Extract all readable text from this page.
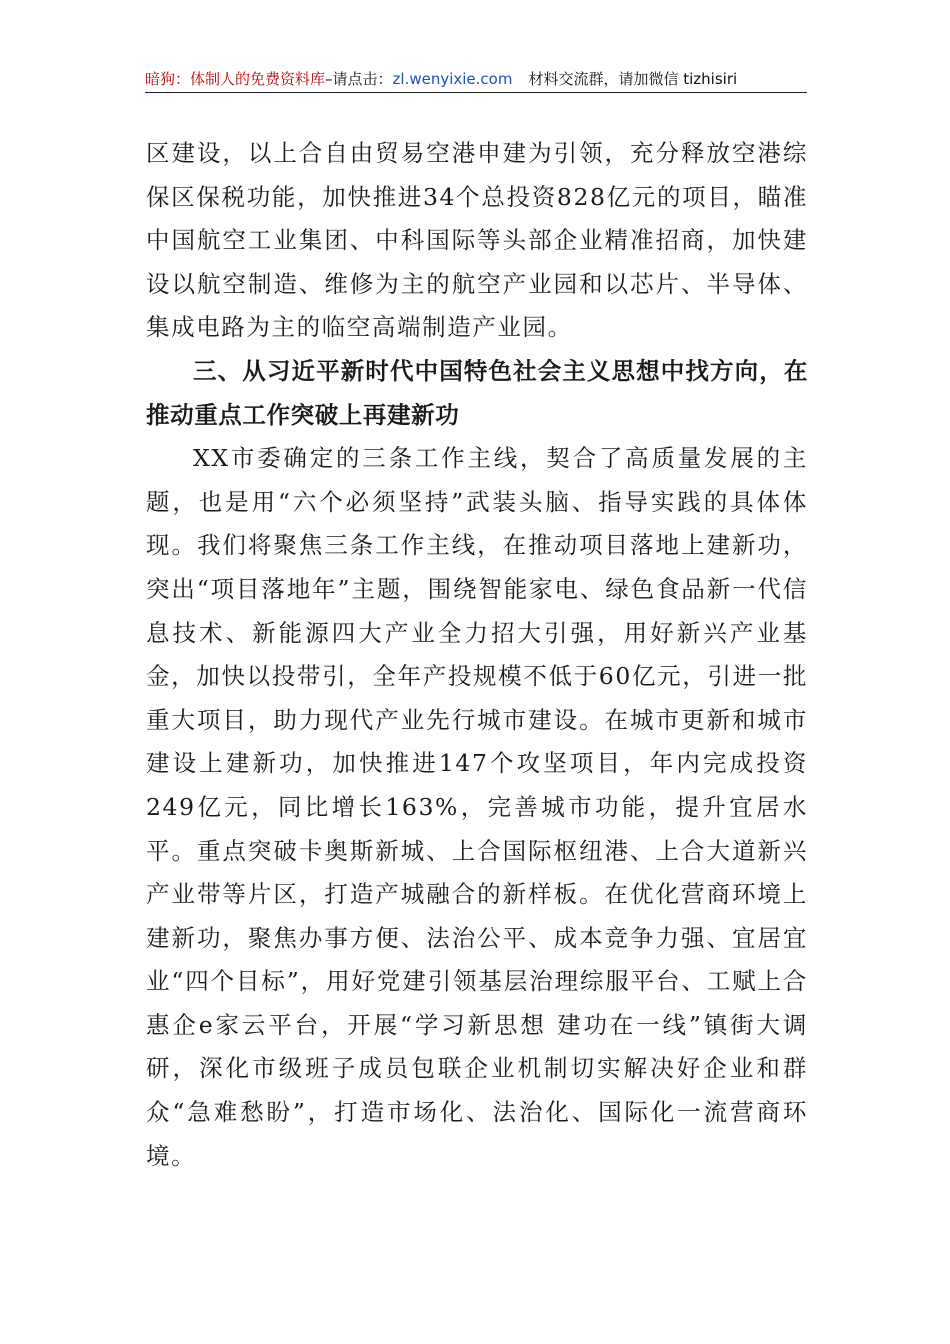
暗狗：体制人的免费资料库–请点击：zl.wenyixie.com 材料交流群，请加微信 tizhisiri

区建设，以上合自由贸易空港申建为引领，充分释放空港综保区保税功能，加快推进34个总投资828亿元的项目，瞄准中国航空工业集团、中科国际等头部企业精准招商，加快建设以航空制造、维修为主的航空产业园和以芯片、半导体、集成电路为主的临空高端制造产业园。

三、从习近平新时代中国特色社会主义思想中找方向，在推动重点工作突破上再建新功

XX市委确定的三条工作主线，契合了高质量发展的主题，也是用“六个必须坚持”武装头脑、指导实践的具体体现。我们将聚焦三条工作主线，在推动项目落地上建新功，突出“项目落地年”主题，围绕智能家电、绿色食品新一代信息技术、新能源四大产业全力招大引强，用好新兴产业基金，加快以投带引，全年产投规模不低于60亿元，引进一批重大项目，助力现代产业先行城市建设。在城市更新和城市建设上建新功，加快推进147个攻坚项目，年内完成投资249亿元，同比增长163%，完善城市功能，提升宜居水平。重点突破卡奥斯新城、上合国际枢纽港、上合大道新兴产业带等片区，打造产城融合的新样板。在优化营商环境上建新功，聚焦办事方便、法治公平、成本竞争力强、宜居宜业“四个目标”，用好党建引领基层治理综服平台、工赋上合惠企e家云平台，开展“学习新思想 建功在一线”镇街大调研，深化市级班子成员包联企业机制切实解决好企业和群众“急难愁盼”，打造市场化、法治化、国际化一流营商环境。
